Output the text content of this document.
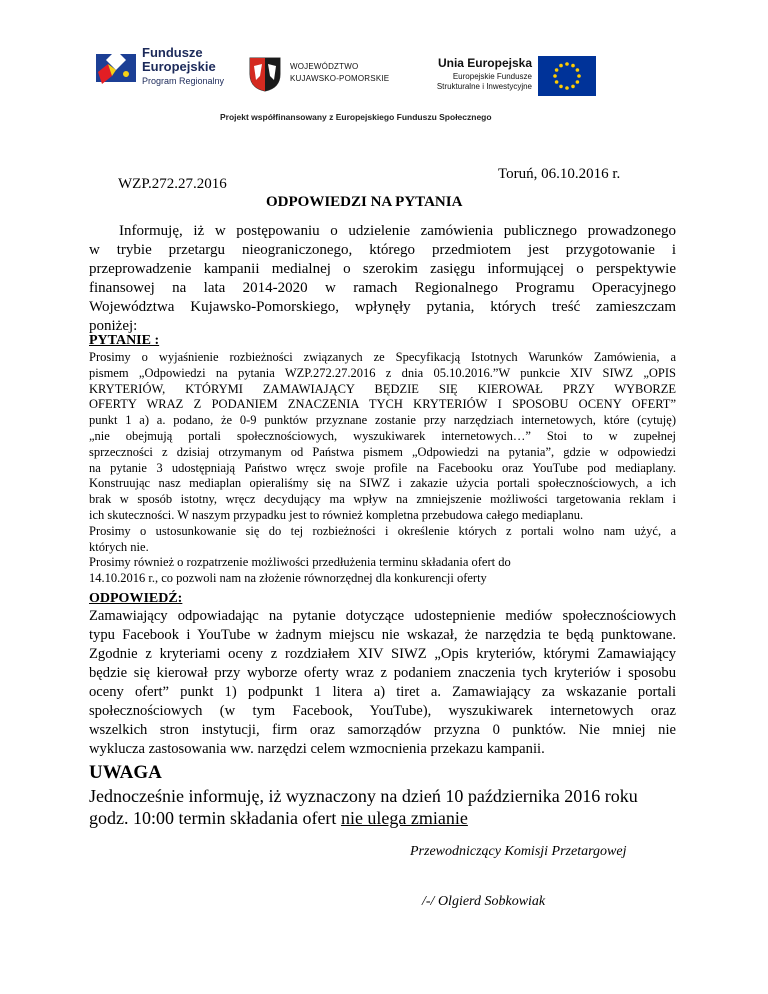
Fundusze
Europejskie
Program Regionalny
WOJEWÓDZTWO
KUJAWSKO-POMORSKIE
Unia Europejska
Europejskie Fundusze
Strukturalne i Inwestycyjne
Projekt współfinansowany z Europejskiego Funduszu Społecznego
Toruń, 06.10.2016 r.
WZP.272.27.2016
ODPOWIEDZI NA PYTANIA
Informuję, iż w postępowaniu o udzielenie zamówienia publicznego prowadzonego
w trybie przetargu nieograniczonego, którego przedmiotem jest przygotowanie i
przeprowadzenie kampanii medialnej o szerokim zasięgu informującej o perspektywie
finansowej na lata 2014-2020 w ramach Regionalnego Programu Operacyjnego
Województwa Kujawsko-Pomorskiego, wpłynęły pytania, których treść zamieszczam
poniżej:
PYTANIE :
Prosimy o wyjaśnienie rozbieżności związanych ze Specyfikacją Istotnych Warunków Zamówienia, a
pismem „Odpowiedzi na pytania WZP.272.27.2016 z dnia 05.10.2016.”W punkcie XIV SIWZ „OPIS
KRYTERIÓW, KTÓRYMI ZAMAWIAJĄCY BĘDZIE SIĘ KIEROWAŁ PRZY WYBORZE
OFERTY WRAZ Z PODANIEM ZNACZENIA TYCH KRYTERIÓW I SPOSOBU OCENY OFERT”
punkt 1 a) a. podano, że 0-9 punktów przyznane zostanie przy narzędziach internetowych, które (cytuję)
„nie obejmują portali społecznościowych, wyszukiwarek internetowych…” Stoi to w zupełnej
sprzeczności z dzisiaj otrzymanym od Państwa pismem „Odpowiedzi na pytania”, gdzie w odpowiedzi
na pytanie 3 udostępniają Państwo wręcz swoje profile na Facebooku oraz YouTube pod mediaplany.
Konstruując nasz mediaplan opieraliśmy się na SIWZ i zakazie użycia portali społecznościowych, a ich
brak w sposób istotny, wręcz decydujący ma wpływ na zmniejszenie możliwości targetowania reklam i
ich skuteczności. W naszym przypadku jest to również kompletna przebudowa całego mediaplanu.
Prosimy o ustosunkowanie się do tej rozbieżności i określenie których z portali wolno nam użyć, a
których nie.
Prosimy również o rozpatrzenie możliwości przedłużenia terminu składania ofert do
14.10.2016 r., co pozwoli nam na złożenie równorzędnej dla konkurencji oferty
ODPOWIEDŹ:
Zamawiający odpowiadając na pytanie dotyczące udostepnienie mediów społecznościowych
typu Facebook i YouTube w żadnym miejscu nie wskazał, że narzędzia te będą punktowane.
Zgodnie z kryteriami oceny z rozdziałem XIV SIWZ „Opis kryteriów, którymi Zamawiający
będzie się kierował przy wyborze oferty wraz z podaniem znaczenia tych kryteriów i sposobu
oceny ofert” punkt 1) podpunkt 1 litera a) tiret a. Zamawiający za wskazanie portali
społecznościowych (w tym Facebook, YouTube), wyszukiwarek internetowych oraz
wszelkich stron instytucji, firm oraz samorządów przyzna 0 punktów. Nie mniej nie
wyklucza zastosowania ww. narzędzi celem wzmocnienia przekazu kampanii.
UWAGA
Jednocześnie informuję, iż wyznaczony na dzień 10 października 2016 roku
godz. 10:00 termin składania ofert nie ulega zmianie
Przewodniczący Komisji Przetargowej
/-/ Olgierd Sobkowiak
